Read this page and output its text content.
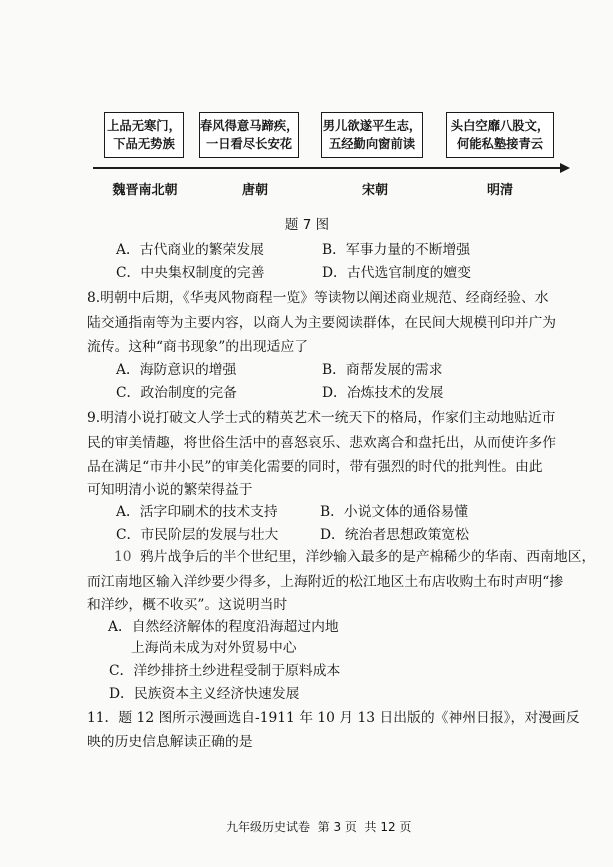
上品无寒门，
下品无势族
春风得意马蹄疾，
一日看尽长安花
男儿欲遂平生志，
五经勤向窗前读
头白空靡八股文，
何能私塾接青云
魏晋南北朝	唐朝	宋朝	明清
题 7 图
A．古代商业的繁荣发展	B．军事力量的不断增强
C．中央集权制度的完善	D．古代选官制度的嬗变
8.明朝中后期，《华夷风物商程一览》等读物以阐述商业规范、经商经验、水
陆交通指南等为主要内容，以商人为主要阅读群体，在民间大规模刊印并广为
流传。这种“商书现象”的出现适应了
A．海防意识的增强	B．商帮发展的需求
C．政治制度的完备	D．冶炼技术的发展
9.明清小说打破文人学士式的精英艺术一统天下的格局，作家们主动地贴近市
民的审美情趣，将世俗生活中的喜怒哀乐、悲欢离合和盘托出，从而使许多作
品在满足“市井小民”的审美化需要的同时，带有强烈的时代的批判性。由此
可知明清小说的繁荣得益于
A．活字印刷术的技术支持	B．小说文体的通俗易懂
C．市民阶层的发展与壮大	D．统治者思想政策宽松
10 鸦片战争后的半个世纪里，洋纱输入最多的是产棉稀少的华南、西南地区，
而江南地区输入洋纱要少得多，上海附近的松江地区土布店收购土布时声明“掺
和洋纱，概不收买”。这说明当时
A．自然经济解体的程度沿海超过内地
上海尚未成为对外贸易中心
C．洋纱排挤土纱进程受制于原料成本
D．民族资本主义经济快速发展
11．题 12 图所示漫画选自-1911 年 10 月 13 日出版的《神州日报》，对漫画反
映的历史信息解读正确的是
九年级历史试卷  第 3 页  共 12 页
